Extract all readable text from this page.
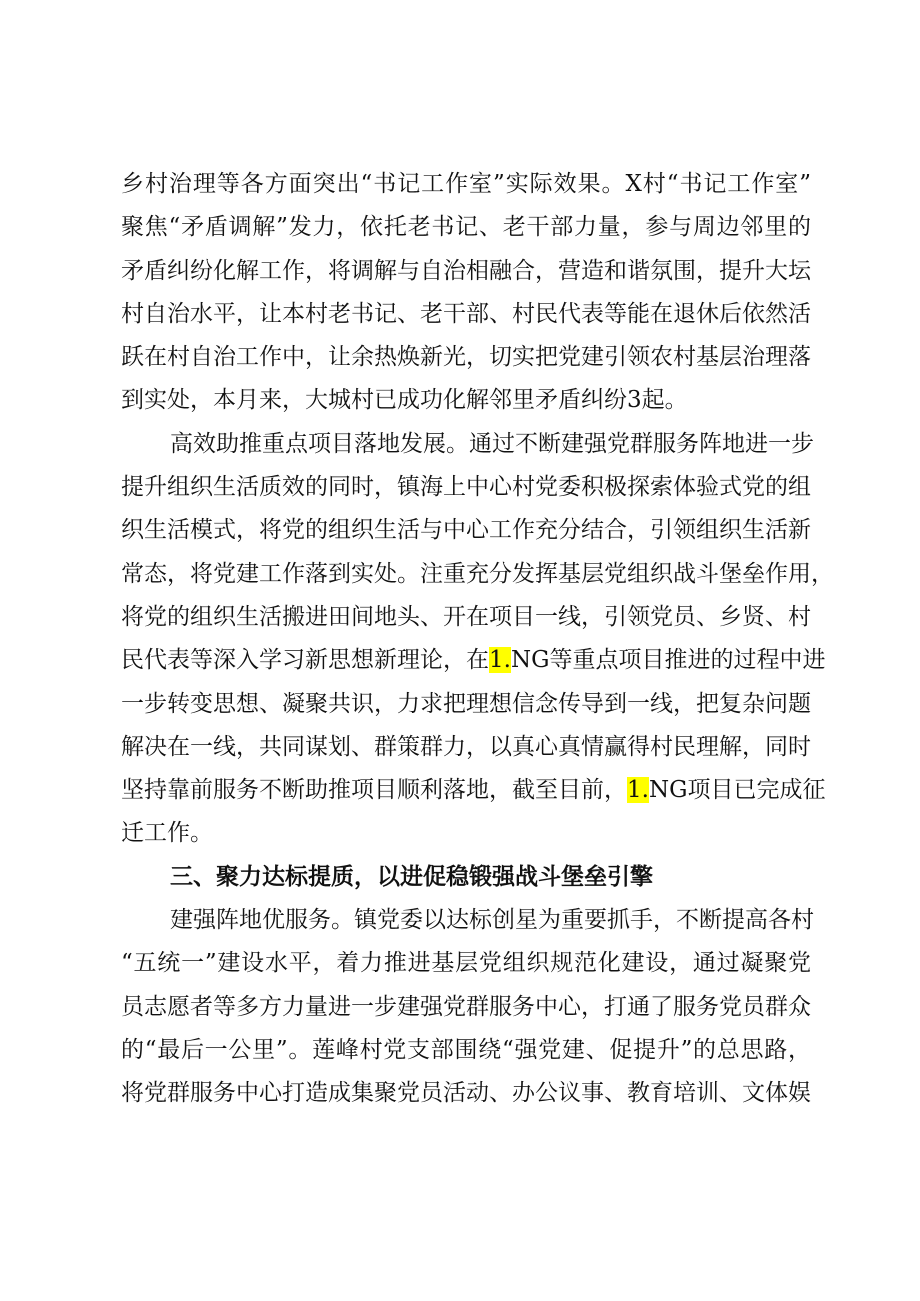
乡村治理等各方面突出“书记工作室”实际效果。X村“书记工作室”
聚焦“矛盾调解”发力，依托老书记、老干部力量，参与周边邻里的
矛盾纠纷化解工作，将调解与自治相融合，营造和谐氛围，提升大坛
村自治水平，让本村老书记、老干部、村民代表等能在退休后依然活
跃在村自治工作中，让余热焕新光，切实把党建引领农村基层治理落
到实处，本月来，大城村已成功化解邻里矛盾纠纷3起。
高效助推重点项目落地发展。通过不断建强党群服务阵地进一步
提升组织生活质效的同时，镇海上中心村党委积极探索体验式党的组
织生活模式，将党的组织生活与中心工作充分结合，引领组织生活新
常态，将党建工作落到实处。注重充分发挥基层党组织战斗堡垒作用，
将党的组织生活搬进田间地头、开在项目一线，引领党员、乡贤、村
民代表等深入学习新思想新理论，在1.NG等重点项目推进的过程中进
一步转变思想、凝聚共识，力求把理想信念传导到一线，把复杂问题
解决在一线，共同谋划、群策群力，以真心真情赢得村民理解，同时
坚持靠前服务不断助推项目顺利落地，截至目前，1.NG项目已完成征
迁工作。
三、聚力达标提质，以进促稳锻强战斗堡垒引擎
建强阵地优服务。镇党委以达标创星为重要抓手，不断提高各村
“五统一”建设水平，着力推进基层党组织规范化建设，通过凝聚党
员志愿者等多方力量进一步建强党群服务中心，打通了服务党员群众
的“最后一公里”。莲峰村党支部围绕“强党建、促提升”的总思路，
将党群服务中心打造成集聚党员活动、办公议事、教育培训、文体娱
